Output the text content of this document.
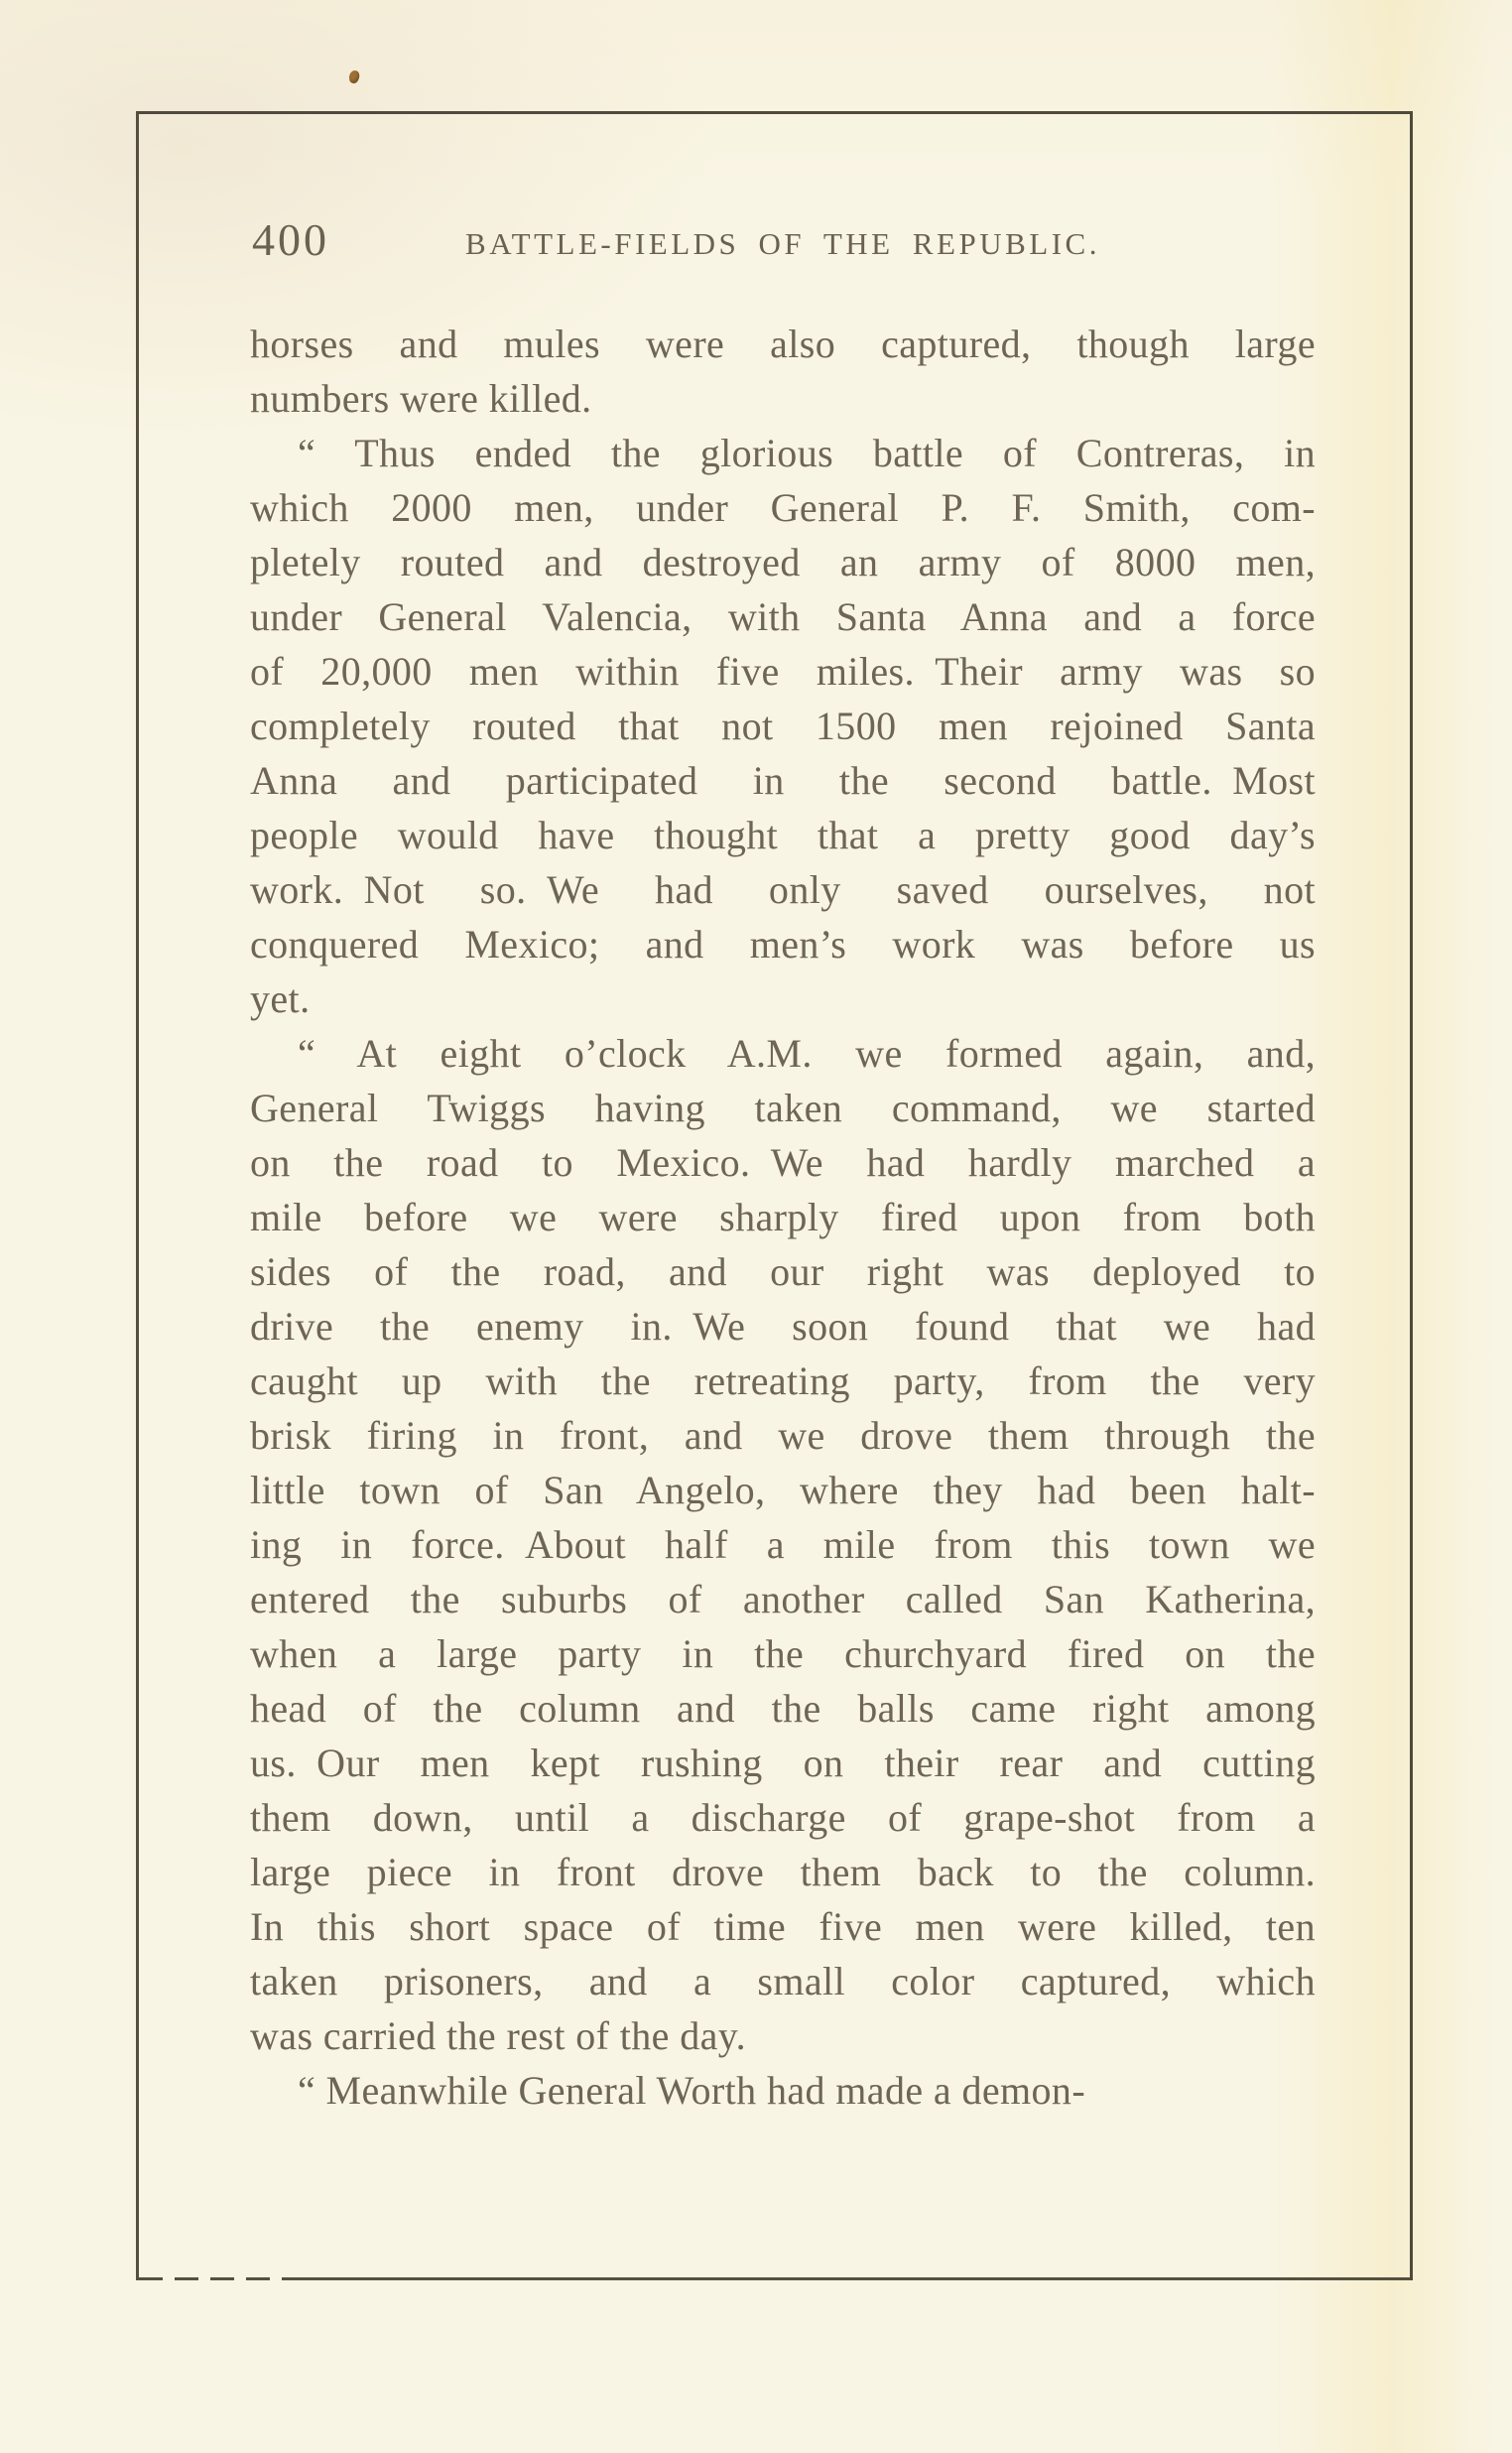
400	BATTLE-FIELDS OF THE REPUBLIC.
horses and mules were also captured, though large
numbers were killed.
“ Thus ended the glorious battle of Contreras, in
which 2000 men, under General P. F. Smith, com-
pletely routed and destroyed an army of 8000 men,
under General Valencia, with Santa Anna and a force
of 20,000 men within five miles. Their army was so
completely routed that not 1500 men rejoined Santa
Anna and participated in the second battle. Most
people would have thought that a pretty good day’s
work. Not so. We had only saved ourselves, not
conquered Mexico; and men’s work was before us
yet.
“ At eight o’clock A.M. we formed again, and,
General Twiggs having taken command, we started
on the road to Mexico. We had hardly marched a
mile before we were sharply fired upon from both
sides of the road, and our right was deployed to
drive the enemy in. We soon found that we had
caught up with the retreating party, from the very
brisk firing in front, and we drove them through the
little town of San Angelo, where they had been halt-
ing in force. About half a mile from this town we
entered the suburbs of another called San Katherina,
when a large party in the churchyard fired on the
head of the column and the balls came right among
us. Our men kept rushing on their rear and cutting
them down, until a discharge of grape-shot from a
large piece in front drove them back to the column.
In this short space of time five men were killed, ten
taken prisoners, and a small color captured, which
was carried the rest of the day.
“ Meanwhile General Worth had made a demon-
